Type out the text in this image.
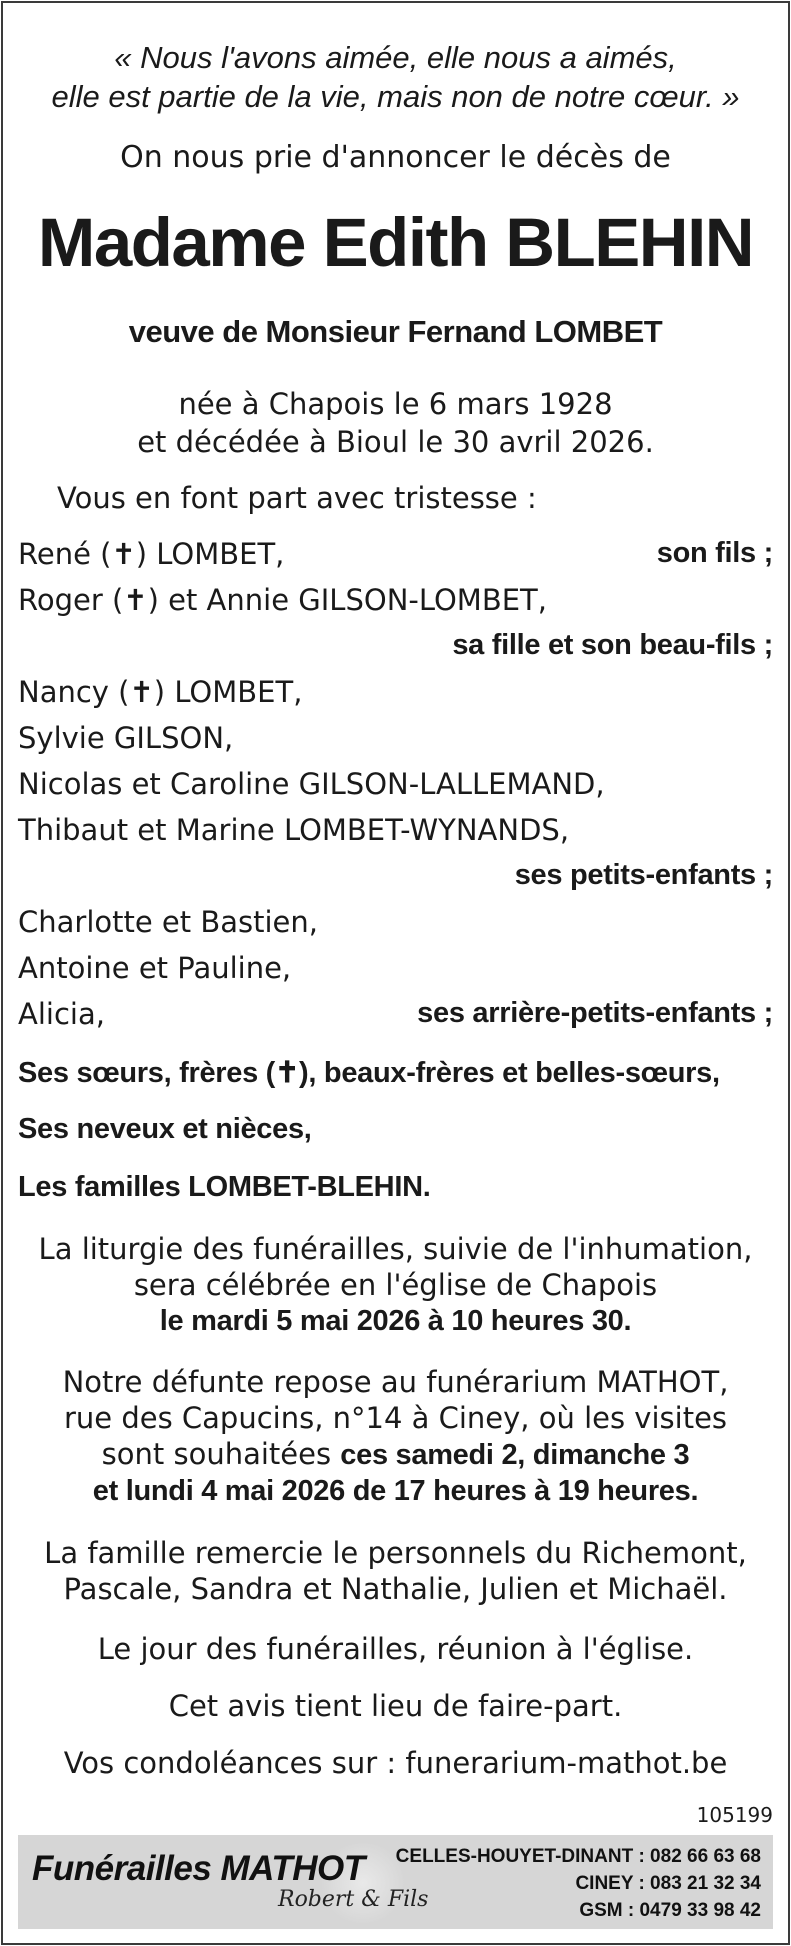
« Nous l'avons aimée, elle nous a aimés,
elle est partie de la vie, mais non de notre cœur. »
On nous prie d'annoncer le décès de
Madame Edith BLEHIN
veuve de Monsieur Fernand LOMBET
née à Chapois le 6 mars 1928
et décédée à Bioul le 30 avril 2026.
Vous en font part avec tristesse :
René (✝) LOMBET,	son fils ;
Roger (✝) et Annie GILSON-LOMBET,
sa fille et son beau-fils ;
Nancy (✝) LOMBET,
Sylvie GILSON,
Nicolas et Caroline GILSON-LALLEMAND,
Thibaut et Marine LOMBET-WYNANDS,
ses petits-enfants ;
Charlotte et Bastien,
Antoine et Pauline,
Alicia,	ses arrière-petits-enfants ;
Ses sœurs, frères (✝), beaux-frères et belles-sœurs,
Ses neveux et nièces,
Les familles LOMBET-BLEHIN.
La liturgie des funérailles, suivie de l'inhumation,
sera célébrée en l'église de Chapois
le mardi 5 mai 2026 à 10 heures 30.
Notre défunte repose au funérarium MATHOT,
rue des Capucins, n°14 à Ciney, où les visites
sont souhaitées ces samedi 2, dimanche 3
et lundi 4 mai 2026 de 17 heures à 19 heures.
La famille remercie le personnels du Richemont,
Pascale, Sandra et Nathalie, Julien et Michaël.
Le jour des funérailles, réunion à l'église.
Cet avis tient lieu de faire-part.
Vos condoléances sur : funerarium-mathot.be
105199
Funérailles MATHOT
Robert & Fils
CELLES-HOUYET-DINANT : 082 66 63 68
CINEY : 083 21 32 34
GSM : 0479 33 98 42
